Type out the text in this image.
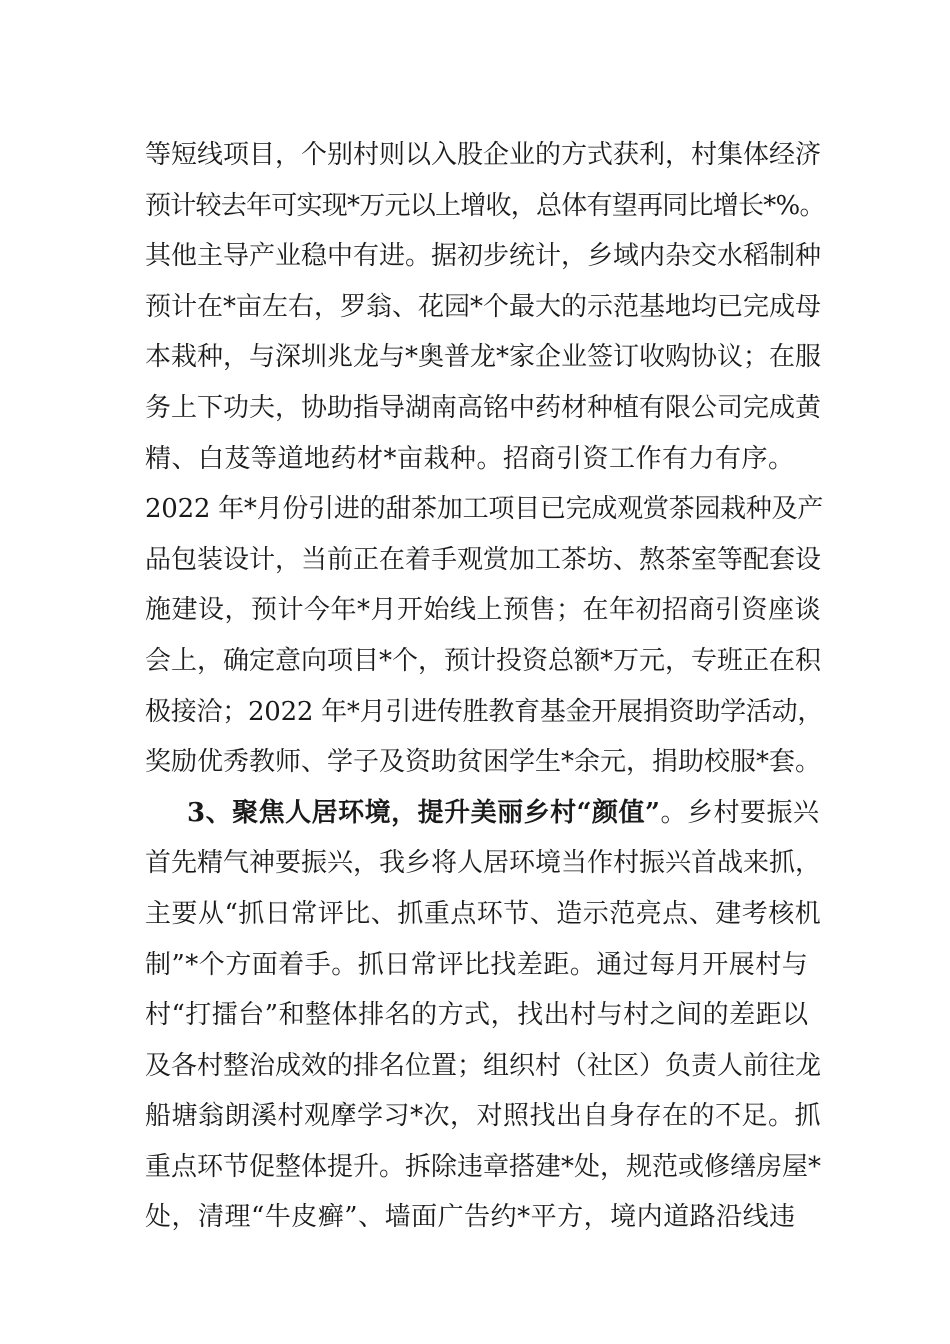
等短线项目，个别村则以入股企业的方式获利，村集体经济
预计较去年可实现*万元以上增收，总体有望再同比增长*%。
其他主导产业稳中有进。据初步统计，乡域内杂交水稻制种
预计在*亩左右，罗翁、花园*个最大的示范基地均已完成母
本栽种，与深圳兆龙与*奥普龙*家企业签订收购协议；在服
务上下功夫，协助指导湖南高铭中药材种植有限公司完成黄
精、白芨等道地药材*亩栽种。招商引资工作有力有序。
2022 年*月份引进的甜茶加工项目已完成观赏茶园栽种及产
品包装设计，当前正在着手观赏加工茶坊、熬茶室等配套设
施建设，预计今年*月开始线上预售；在年初招商引资座谈
会上，确定意向项目*个，预计投资总额*万元，专班正在积
极接洽；2022 年*月引进传胜教育基金开展捐资助学活动，
奖励优秀教师、学子及资助贫困学生*余元，捐助校服*套。
3、聚焦人居环境，提升美丽乡村“颜值”。乡村要振兴
首先精气神要振兴，我乡将人居环境当作村振兴首战来抓，
主要从“抓日常评比、抓重点环节、造示范亮点、建考核机
制”*个方面着手。抓日常评比找差距。通过每月开展村与
村“打擂台”和整体排名的方式，找出村与村之间的差距以
及各村整治成效的排名位置；组织村（社区）负责人前往龙
船塘翁朗溪村观摩学习*次，对照找出自身存在的不足。抓
重点环节促整体提升。拆除违章搭建*处，规范或修缮房屋*
处，清理“牛皮癣”、墙面广告约*平方，境内道路沿线违
